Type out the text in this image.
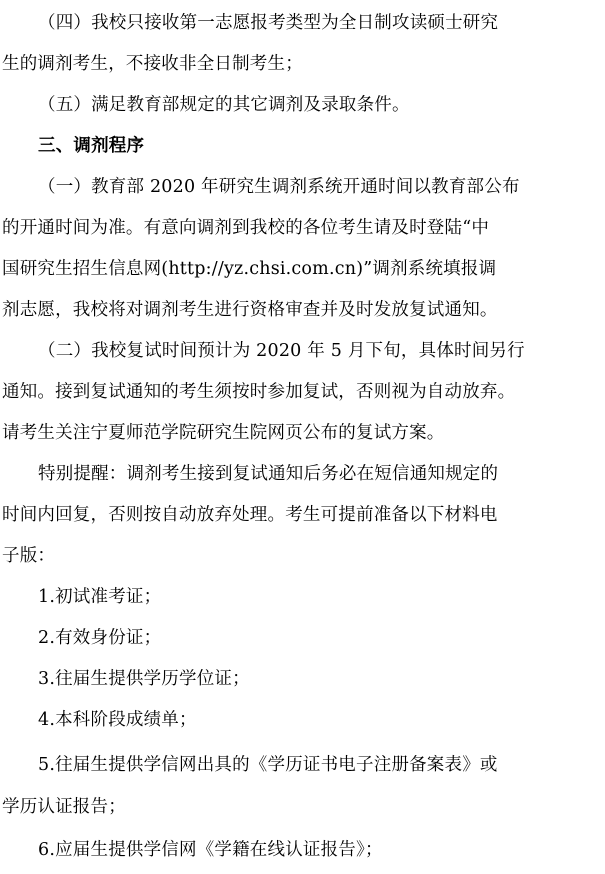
（四）我校只接收第一志愿报考类型为全日制攻读硕士研究
生的调剂考生，不接收非全日制考生；
（五）满足教育部规定的其它调剂及录取条件。
三、调剂程序
（一）教育部 2020 年研究生调剂系统开通时间以教育部公布
的开通时间为准。有意向调剂到我校的各位考生请及时登陆“中
国研究生招生信息网(http://yz.chsi.com.cn)”调剂系统填报调
剂志愿，我校将对调剂考生进行资格审查并及时发放复试通知。
（二）我校复试时间预计为 2020 年 5 月下旬，具体时间另行
通知。接到复试通知的考生须按时参加复试，否则视为自动放弃。
请考生关注宁夏师范学院研究生院网页公布的复试方案。
特别提醒：调剂考生接到复试通知后务必在短信通知规定的
时间内回复，否则按自动放弃处理。考生可提前准备以下材料电
子版：
1.初试准考证；
2.有效身份证；
3.往届生提供学历学位证；
4.本科阶段成绩单；
5.往届生提供学信网出具的《学历证书电子注册备案表》或
学历认证报告；
6.应届生提供学信网《学籍在线认证报告》；
